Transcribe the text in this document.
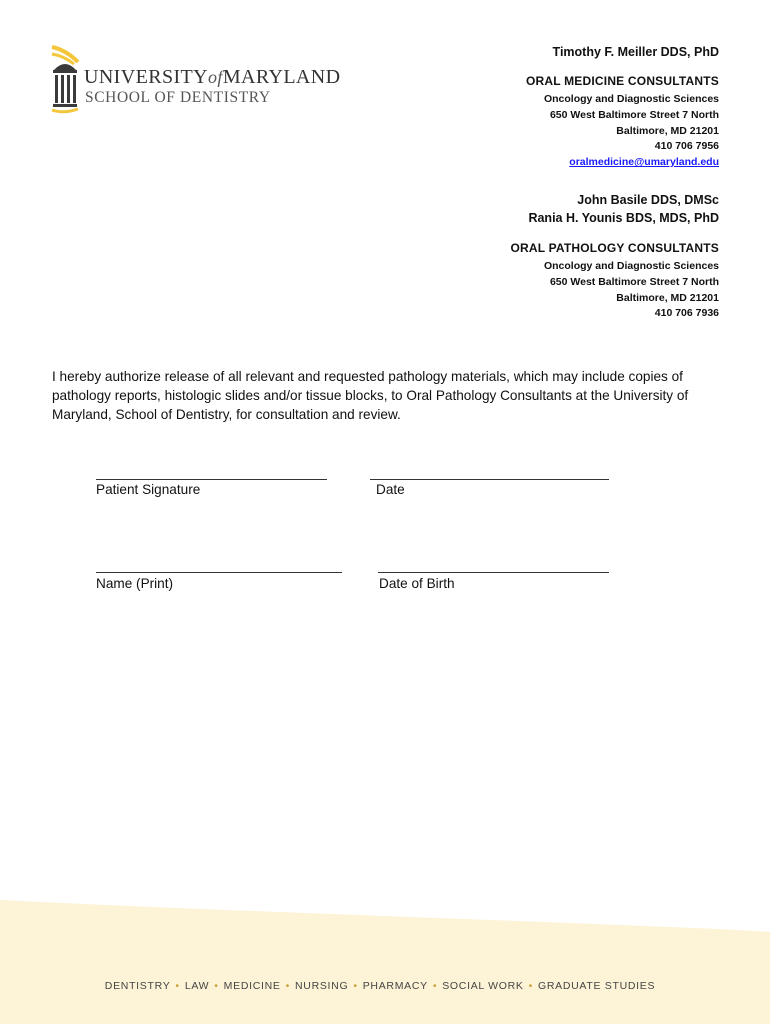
UNIVERSITYofMARYLAND
SCHOOL OF DENTISTRY
Timothy F. Meiller DDS, PhD
ORAL MEDICINE CONSULTANTS
Oncology and Diagnostic Sciences
650 West Baltimore Street 7 North
Baltimore, MD 21201
410 706 7956
oralmedicine@umaryland.edu
John Basile DDS, DMSc
Rania H. Younis BDS, MDS, PhD
ORAL PATHOLOGY CONSULTANTS
Oncology and Diagnostic Sciences
650 West Baltimore Street 7 North
Baltimore, MD 21201
410 706 7936
I hereby authorize release of all relevant and requested pathology materials, which may include copies of pathology reports, histologic slides and/or tissue blocks, to Oral Pathology Consultants at the University of Maryland, School of Dentistry, for consultation and review.
Patient Signature	Date
Name (Print)	Date of Birth
DENTISTRY • LAW • MEDICINE • NURSING • PHARMACY • SOCIAL WORK • GRADUATE STUDIES
